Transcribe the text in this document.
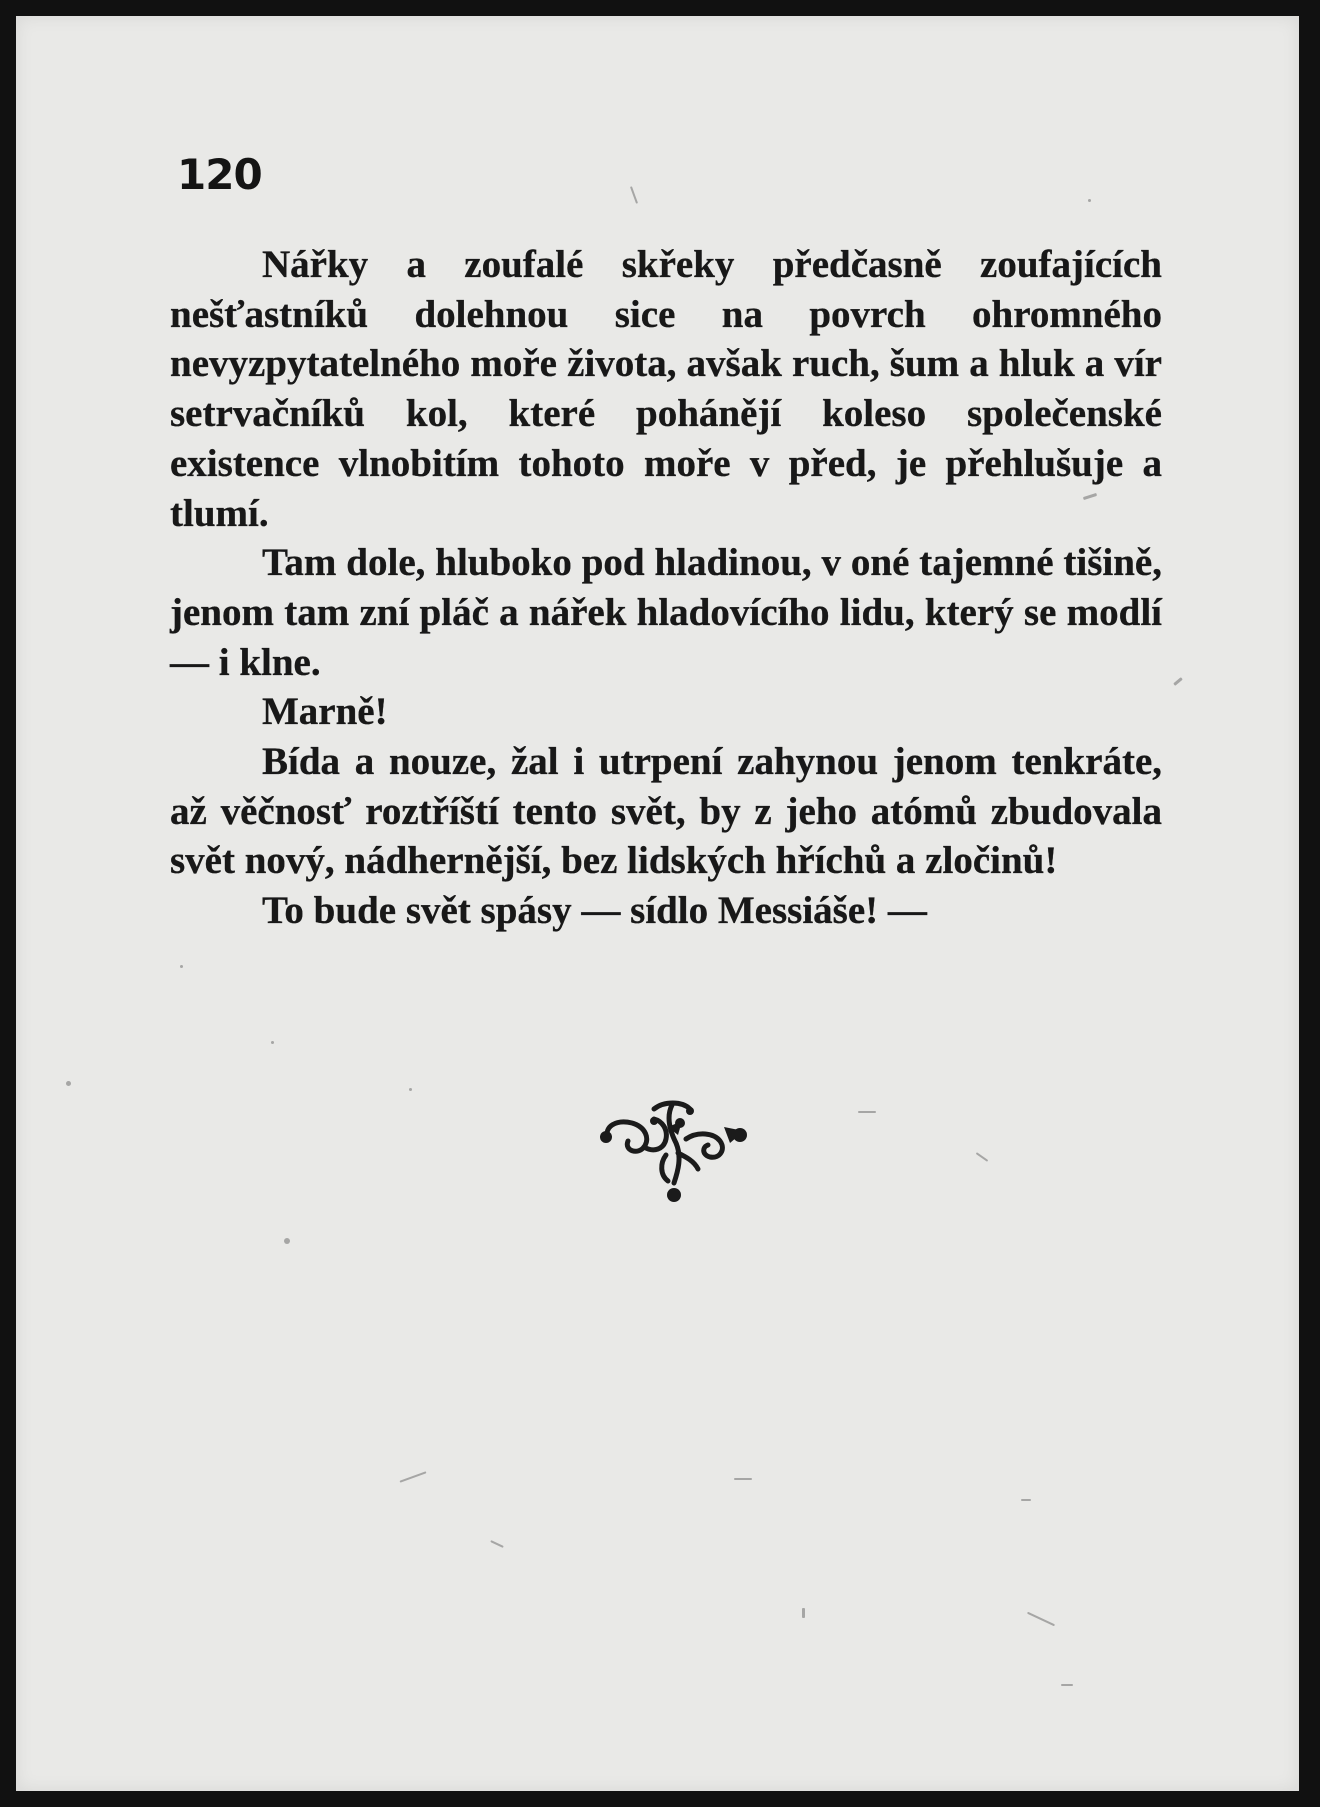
120

Nářky a zoufalé skřeky předčasně zoufajících nešťastníků dolehnou sice na povrch ohromného nevyzpytatelného moře života, avšak ruch, šum a hluk a vír setrvačníků kol, které pohánějí koleso společenské existence vlnobitím tohoto moře v před, je přehlušuje a tlumí.

Tam dole, hluboko pod hladinou, v oné tajemné tišině, jenom tam zní pláč a nářek hladovícího lidu, který se modlí — i klne.

Marně!

Bída a nouze, žal i utrpení zahynou jenom tenkráte, až věčnosť roztříští tento svět, by z jeho atómů zbudovala svět nový, nádhernější, bez lidských hříchů a zločinů!

To bude svět spásy — sídlo Messiáše! —
